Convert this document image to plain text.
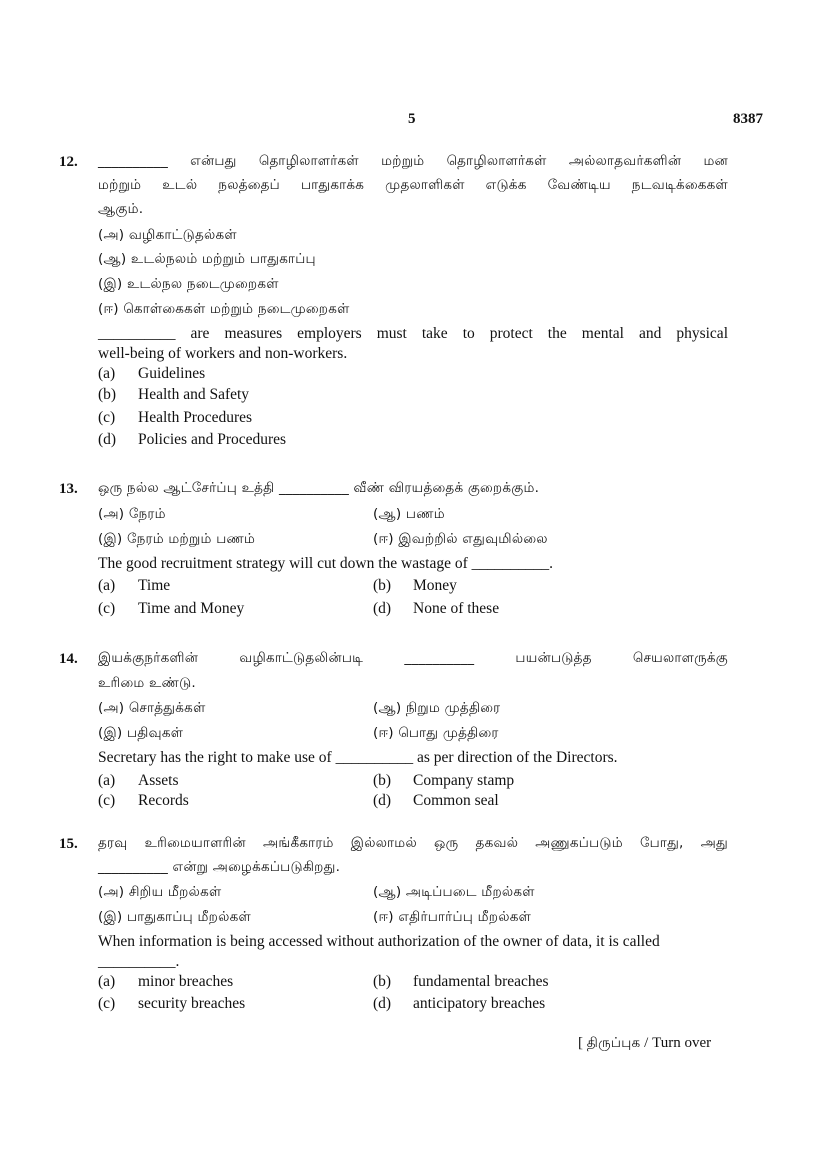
5	8387
12. __________ என்பது தொழிலாளர்கள் மற்றும் தொழிலாளர்கள் அல்லாதவர்களின் மன
மற்றும் உடல் நலத்தைப் பாதுகாக்க முதலாளிகள் எடுக்க வேண்டிய நடவடிக்கைகள்
ஆகும்.
(அ) வழிகாட்டுதல்கள்
(ஆ) உடல்நலம் மற்றும் பாதுகாப்பு
(இ) உடல்நல நடைமுறைகள்
(ஈ) கொள்கைகள் மற்றும் நடைமுறைகள்
__________ are measures employers must take to protect the mental and physical
well-being of workers and non-workers.
(a) Guidelines
(b) Health and Safety
(c) Health Procedures
(d) Policies and Procedures
13. ஒரு நல்ல ஆட்சேர்ப்பு உத்தி __________ வீண் விரயத்தைக் குறைக்கும்.
(அ) நேரம்	(ஆ) பணம்
(இ) நேரம் மற்றும் பணம்	(ஈ) இவற்றில் எதுவுமில்லை
The good recruitment strategy will cut down the wastage of __________.
(a) Time	(b) Money
(c) Time and Money	(d) None of these
14. இயக்குநர்களின் வழிகாட்டுதலின்படி __________ பயன்படுத்த செயலாளருக்கு
உரிமை உண்டு.
(அ) சொத்துக்கள்	(ஆ) நிறும முத்திரை
(இ) பதிவுகள்	(ஈ) பொது முத்திரை
Secretary has the right to make use of __________ as per direction of the Directors.
(a) Assets	(b) Company stamp
(c) Records	(d) Common seal
15. தரவு உரிமையாளரின் அங்கீகாரம் இல்லாமல் ஒரு தகவல் அணுகப்படும் போது, அது
__________ என்று அழைக்கப்படுகிறது.
(அ) சிறிய மீறல்கள்	(ஆ) அடிப்படை மீறல்கள்
(இ) பாதுகாப்பு மீறல்கள்	(ஈ) எதிர்பார்ப்பு மீறல்கள்
When information is being accessed without authorization of the owner of data, it is called
__________.
(a) minor breaches	(b) fundamental breaches
(c) security breaches	(d) anticipatory breaches
[ திருப்புக / Turn over
